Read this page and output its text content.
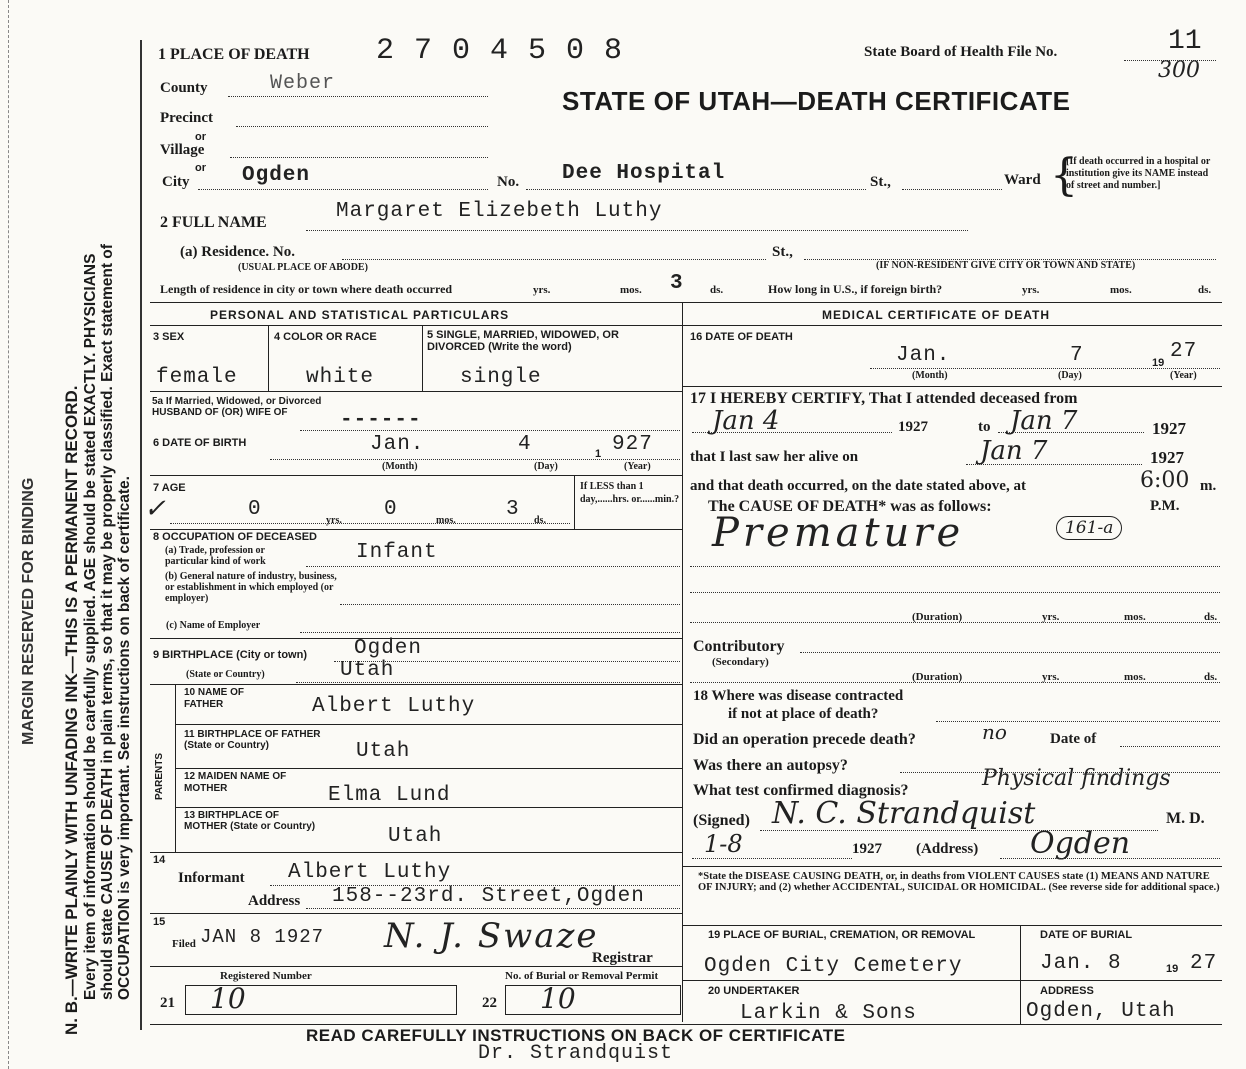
MARGIN RESERVED FOR BINDING N. B.—WRITE PLAINLY WITH UNFADING INK—THIS IS A PERMANENT RECORD. Every item of information should be carefully supplied. AGE should be stated EXACTLY. PHYSICIANS should state CAUSE OF DEATH in plain terms, so that it may be properly classified. Exact statement of OCCUPATION is very important. See instructions on back of certificate.
1 PLACE OF DEATH 2 7 0 4 5 0 8	State Board of Health File No.	11
300
STATE OF UTAH—DEATH CERTIFICATE
County	Weber
Precinct
or
Village
or
City	Ogden	No. Dee Hospital	St.,	Ward {
[If death occurred in a hospital or institution give its NAME instead of street and number.]
2 FULL NAME	Margaret Elizebeth Luthy
(a) Residence. No.
(USUAL PLACE OF ABODE)
St.,
(IF NON-RESIDENT GIVE CITY OR TOWN AND STATE)
Length of residence in city or town where death occurred	yrs.	mos. 3 ds.	How long in U.S., if foreign birth?	yrs.	mos.	ds.
PERSONAL AND STATISTICAL PARTICULARS
3 SEX	4 COLOR OR RACE	5 SINGLE, MARRIED, WIDOWED, OR DIVORCED (Write the word)
female	white	single
5a If Married, Widowed, or Divorced HUSBAND OF (OR) WIFE OF	------
6 DATE OF BIRTH	Jan.	4	1 927
(Month)	(Day)	(Year)
7 AGE
✓	0	0	3
yrs.	mos.	ds.
If LESS than 1 day,......hrs. or......min.?
8 OCCUPATION OF DECEASED
(a) Trade, profession or particular kind of work	Infant
(b) General nature of industry, business, or establishment in which employed (or employer)
(c) Name of Employer
9 BIRTHPLACE (City or town) Ogden
(State or Country)	Utah
PARENTS
10 NAME OF FATHER	Albert Luthy
11 BIRTHPLACE OF FATHER (State or Country)	Utah
12 MAIDEN NAME OF MOTHER	Elma Lund
13 BIRTHPLACE OF MOTHER (State or Country)	Utah
14
Informant Albert Luthy
Address 158--23rd. Street,Ogden
15
Filed JAN 8 1927 N. J. Swaze
Registrar
Registered Number	No. of Burial or Removal Permit
21 10	22 10
MEDICAL CERTIFICATE OF DEATH
16 DATE OF DEATH
Jan.	7	19 27
(Month)	(Day)	(Year)
17 I HEREBY CERTIFY, That I attended deceased from
Jan 4	1927	to Jan 7	1927
that I last saw her alive on	Jan 7	1927
and that death occurred, on the date stated above, at	6:00 m.
The CAUSE OF DEATH* was as follows:	P.M.
Premature	161-a
(Duration)	yrs.	mos.	ds.
Contributory
(Secondary)
(Duration)	yrs.	mos.	ds.
18 Where was disease contracted
if not at place of death?
Did an operation precede death?	no	Date of
Was there an autopsy?
What test confirmed diagnosis?	Physical findings
(Signed) N. C. Strandquist	M. D.
1-8	1927 (Address) Ogden
*State the DISEASE CAUSING DEATH, or, in deaths from VIOLENT CAUSES state (1) MEANS AND NATURE OF INJURY; and (2) whether ACCIDENTAL, SUICIDAL OR HOMICIDAL. (See reverse side for additional space.)
19 PLACE OF BURIAL, CREMATION, OR REMOVAL	DATE OF BURIAL
Ogden City Cemetery	Jan. 8	19 27
20 UNDERTAKER	ADDRESS
Larkin & Sons	Ogden, Utah
READ CAREFULLY INSTRUCTIONS ON BACK OF CERTIFICATE
Dr. Strandquist
